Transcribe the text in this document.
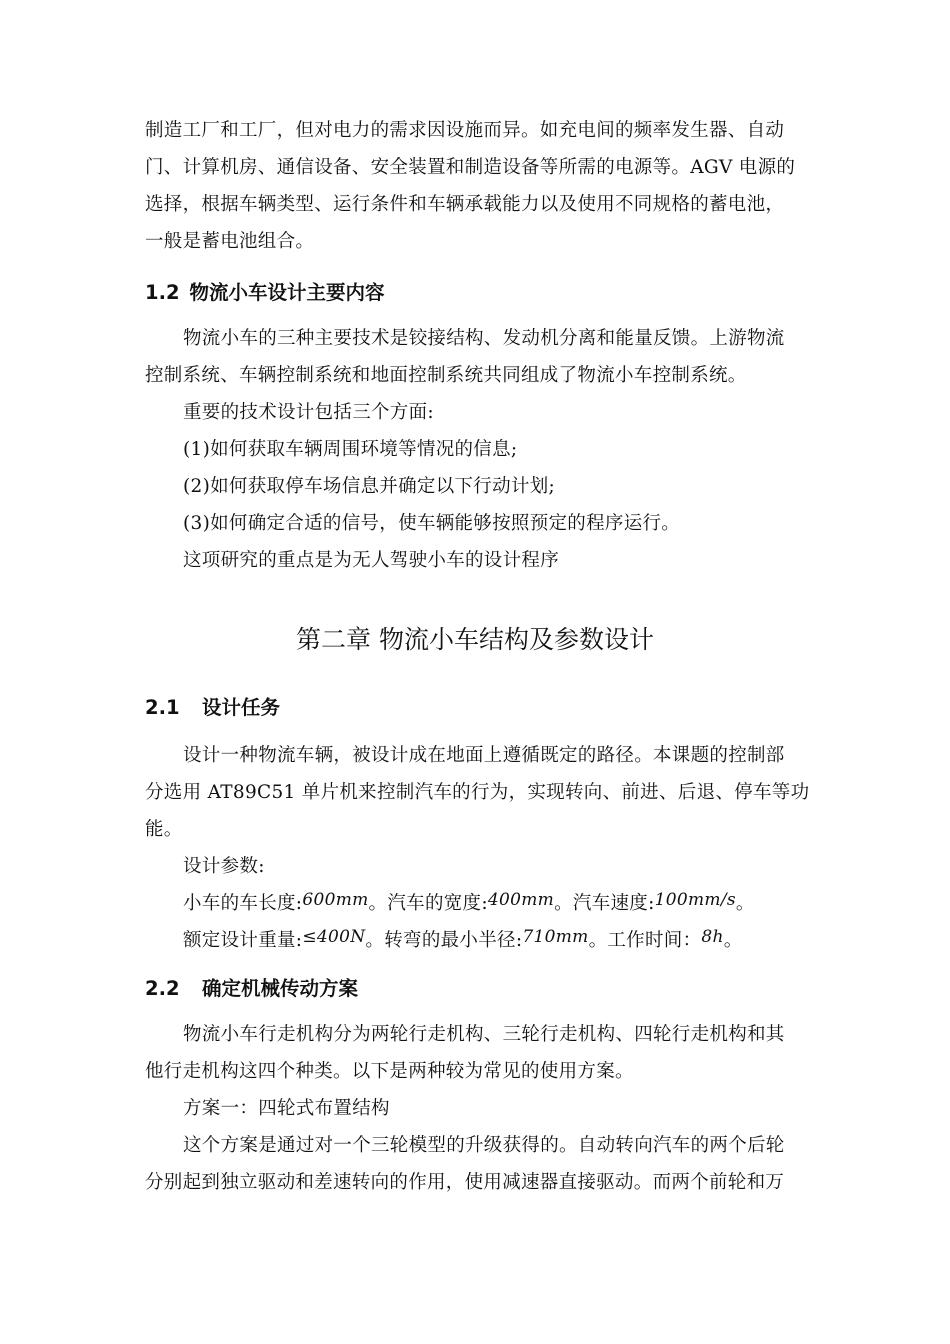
制造工厂和工厂，但对电力的需求因设施而异。如充电间的频率发生器、自动
门、计算机房、通信设备、安全装置和制造设备等所需的电源等。AGV 电源的
选择，根据车辆类型、运行条件和车辆承载能力以及使用不同规格的蓄电池，
一般是蓄电池组合。
1.2 物流小车设计主要内容
物流小车的三种主要技术是铰接结构、发动机分离和能量反馈。上游物流
控制系统、车辆控制系统和地面控制系统共同组成了物流小车控制系统。
重要的技术设计包括三个方面:
(1)如何获取车辆周围环境等情况的信息;
(2)如何获取停车场信息并确定以下行动计划;
(3)如何确定合适的信号，使车辆能够按照预定的程序运行。
这项研究的重点是为无人驾驶小车的设计程序
第二章 物流小车结构及参数设计
2.1 设计任务
设计一种物流车辆，被设计成在地面上遵循既定的路径。本课题的控制部
分选用 AT89C51 单片机来控制汽车的行为，实现转向、前进、后退、停车等功
能。
设计参数:
小车的车长度:600mm。汽车的宽度:400mm。汽车速度:100mm/s。
额定设计重量:≤400N。转弯的最小半径:710mm。工作时间：8h。
2.2 确定机械传动方案
物流小车行走机构分为两轮行走机构、三轮行走机构、四轮行走机构和其
他行走机构这四个种类。以下是两种较为常见的使用方案。
方案一：四轮式布置结构
这个方案是通过对一个三轮模型的升级获得的。自动转向汽车的两个后轮
分别起到独立驱动和差速转向的作用，使用减速器直接驱动。而两个前轮和万
